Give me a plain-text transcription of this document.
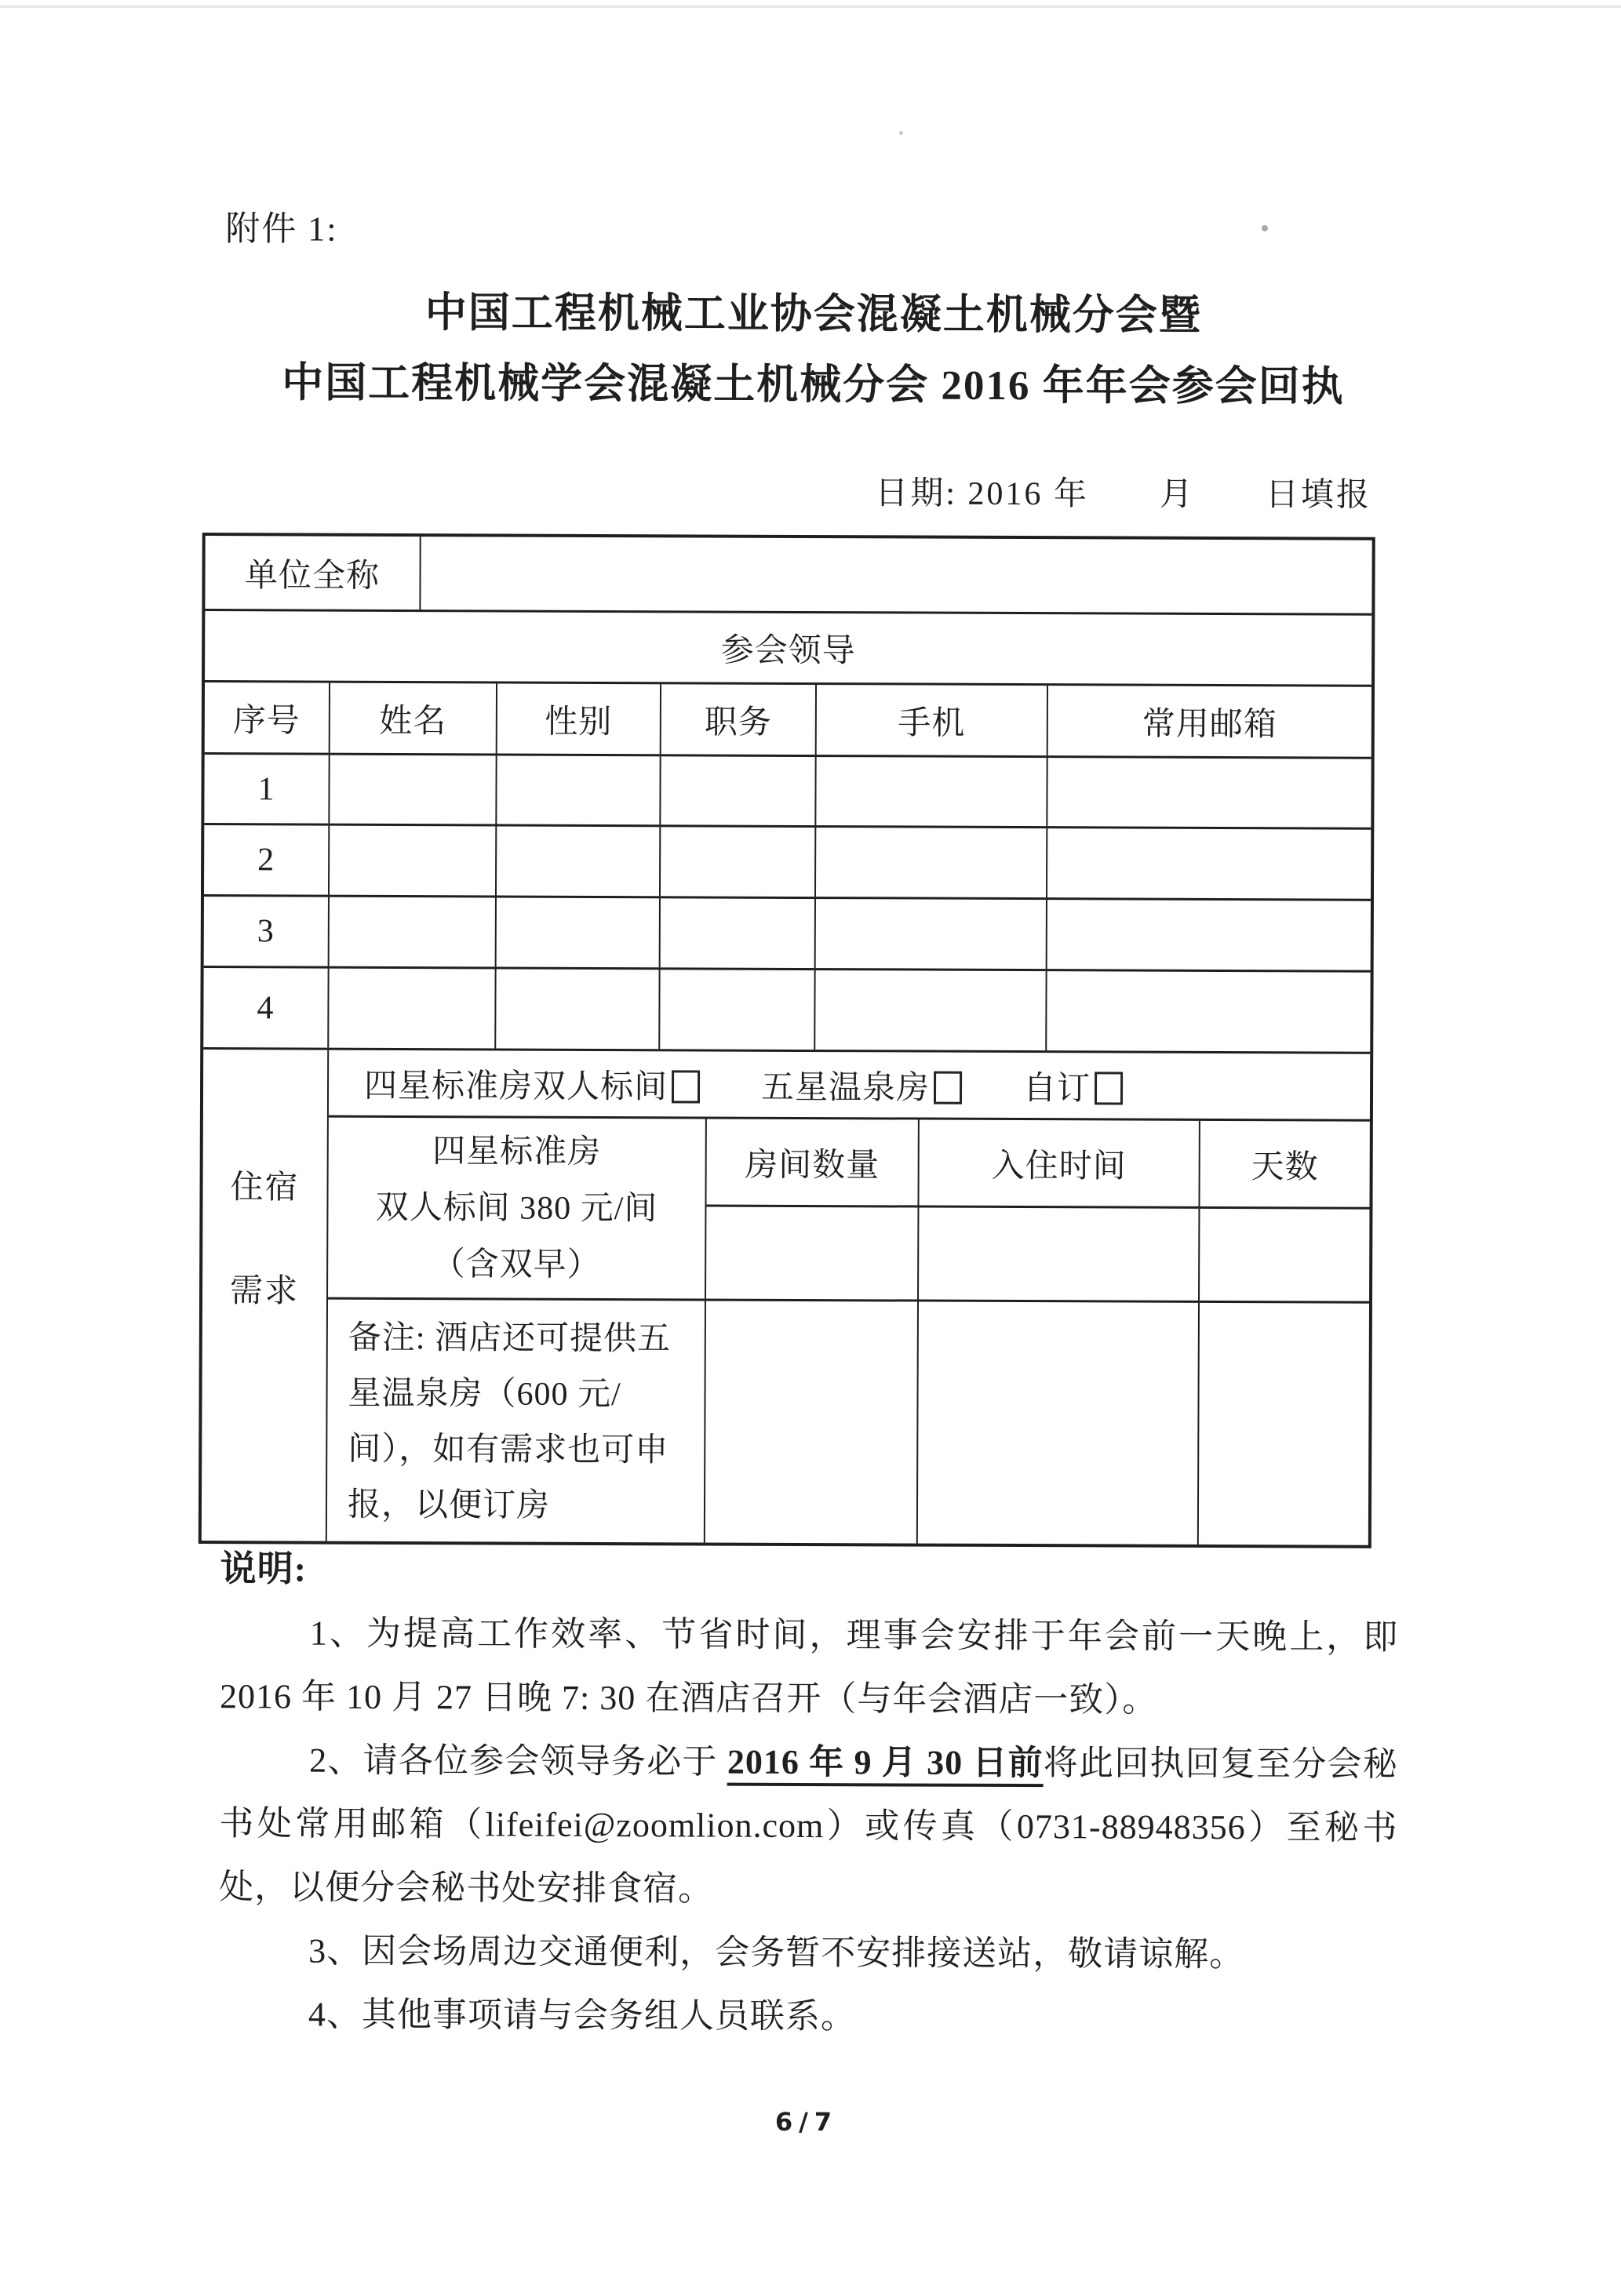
附件 1:
中国工程机械工业协会混凝土机械分会暨
中国工程机械学会混凝土机械分会 2016 年年会参会回执
日期: 2016 年　　月　　日填报
单位全称
参会领导
序号	姓名	性别	职务	手机	常用邮箱
1
2
3
4
住宿
需求
四星标准房双人标间	五星温泉房	自订
四星标准房
双人标间 380 元/间
（含双早）
房间数量	入住时间	天数
备注: 酒店还可提供五星温泉房（600 元/间），如有需求也可申报，以便订房
说明:

1、为提高工作效率、节省时间，理事会安排于年会前一天晚上，即 2016 年 10 月 27 日晚 7: 30 在酒店召开（与年会酒店一致）。

2、请各位参会领导务必于 2016 年 9 月 30 日前将此回执回复至分会秘书处常用邮箱（lifeifei@zoomlion.com）或传真（0731-88948356）至秘书处，以便分会秘书处安排食宿。

3、因会场周边交通便利，会务暂不安排接送站，敬请谅解。

4、其他事项请与会务组人员联系。

6/7
